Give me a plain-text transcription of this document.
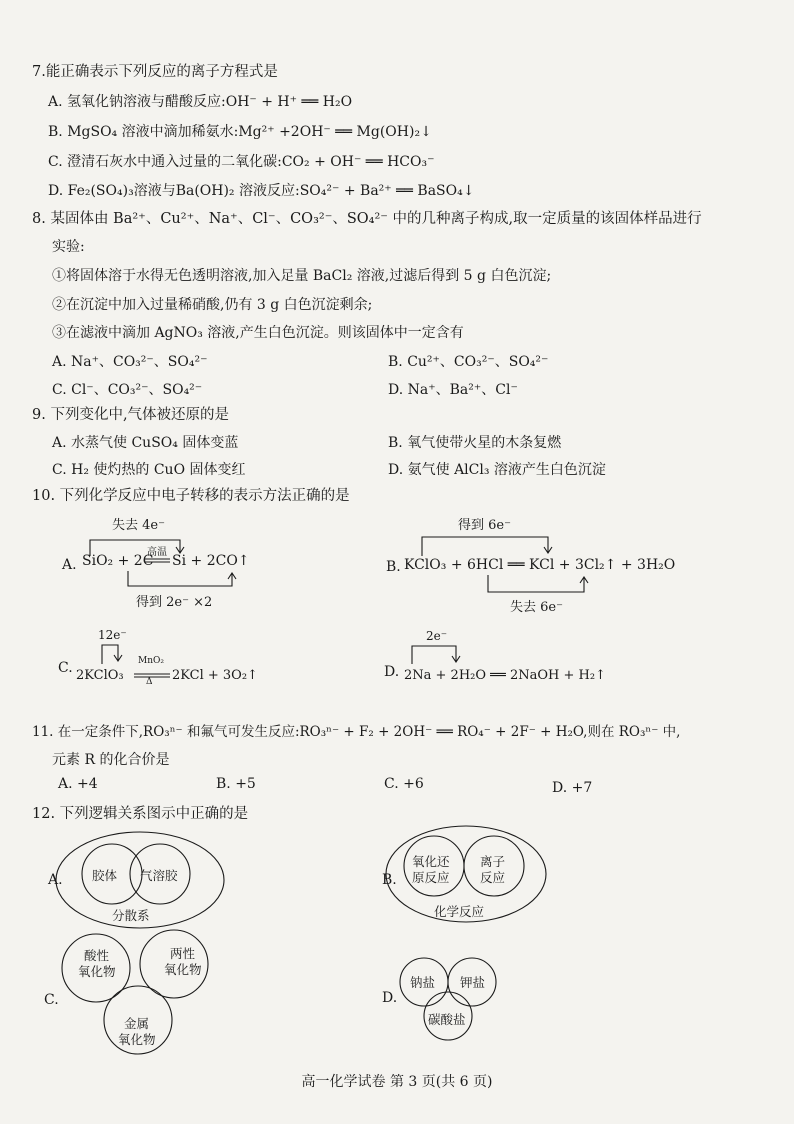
7.能正确表示下列反应的离子方程式是
A. 氢氧化钠溶液与醋酸反应:OH⁻ + H⁺ ══ H₂O
B. MgSO₄ 溶液中滴加稀氨水:Mg²⁺ +2OH⁻ ══ Mg(OH)₂↓
C. 澄清石灰水中通入过量的二氧化碳:CO₂ + OH⁻ ══ HCO₃⁻
D. Fe₂(SO₄)₃溶液与Ba(OH)₂ 溶液反应:SO₄²⁻ + Ba²⁺ ══ BaSO₄↓
8. 某固体由 Ba²⁺、Cu²⁺、Na⁺、Cl⁻、CO₃²⁻、SO₄²⁻ 中的几种离子构成,取一定质量的该固体样品进行
实验:
①将固体溶于水得无色透明溶液,加入足量 BaCl₂ 溶液,过滤后得到 5 g 白色沉淀;
②在沉淀中加入过量稀硝酸,仍有 3 g 白色沉淀剩余;
③在滤液中滴加 AgNO₃ 溶液,产生白色沉淀。则该固体中一定含有
A. Na⁺、CO₃²⁻、SO₄²⁻	B. Cu²⁺、CO₃²⁻、SO₄²⁻
C. Cl⁻、CO₃²⁻、SO₄²⁻	D. Na⁺、Ba²⁺、Cl⁻
9. 下列变化中,气体被还原的是
A. 水蒸气使 CuSO₄ 固体变蓝	B. 氧气使带火星的木条复燃
C. H₂ 使灼热的 CuO 固体变红	D. 氨气使 AlCl₃ 溶液产生白色沉淀
10. 下列化学反应中电子转移的表示方法正确的是
失去 4e⁻
A. SiO₂ + 2C
高温
Si + 2CO↑
得到 2e⁻ ×2
得到 6e⁻
B. KClO₃ + 6HCl ══ KCl + 3Cl₂↑ + 3H₂O
失去 6e⁻
12e⁻
C. 2KClO₃
MnO₂
Δ 2KCl + 3O₂↑
2e⁻
D. 2Na + 2H₂O ══ 2NaOH + H₂↑
11. 在一定条件下,RO₃ⁿ⁻ 和氟气可发生反应:RO₃ⁿ⁻ + F₂ + 2OH⁻ ══ RO₄⁻ + 2F⁻ + H₂O,则在 RO₃ⁿ⁻ 中,
元素 R 的化合价是
A. +4	B. +5	C. +6	D. +7
12. 下列逻辑关系图示中正确的是
A. 胶体 气溶胶
分散系
B.
氧化还
原反应
离子
反应
化学反应
C.
酸性
氧化物
两性
氧化物
金属
氧化物
D.
钠盐 钾盐
碳酸盐
高一化学试卷 第 3 页(共 6 页)
